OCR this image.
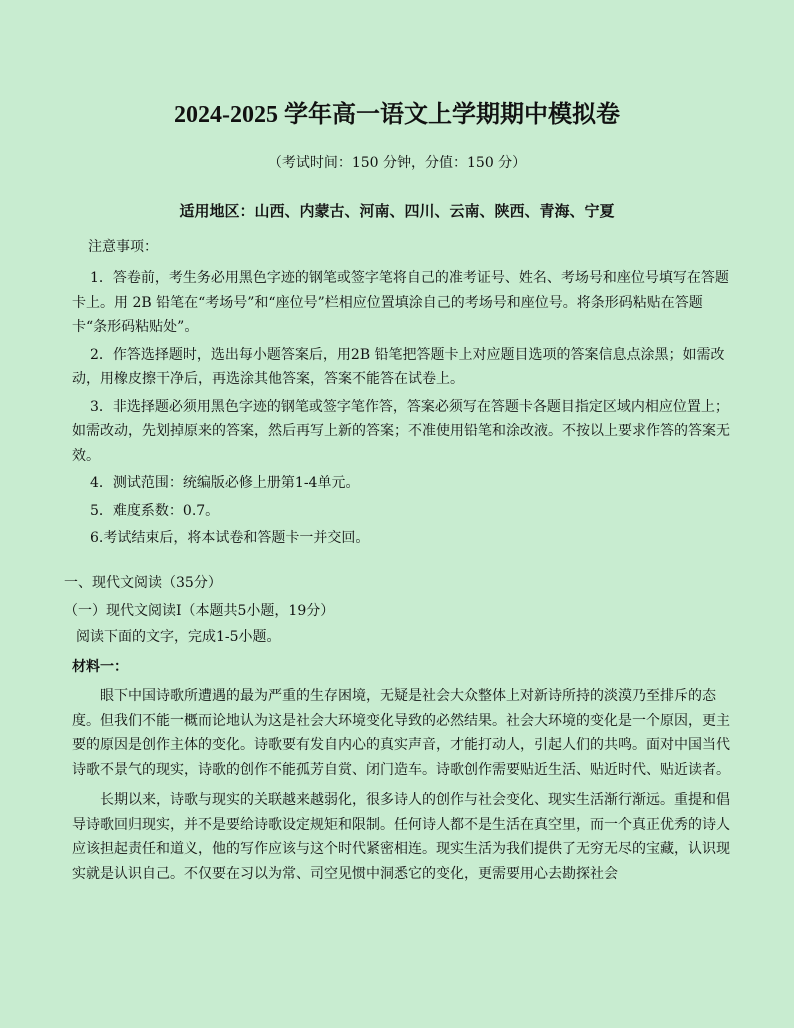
2024-2025 学年高一语文上学期期中模拟卷
（考试时间：150 分钟，分值：150 分）
适用地区：山西、内蒙古、河南、四川、云南、陕西、青海、宁夏
注意事项：

1．答卷前，考生务必用黑色字迹的钢笔或签字笔将自己的准考证号、姓名、考场号和座位号填写在答题卡上。用 2B 铅笔在“考场号”和“座位号”栏相应位置填涂自己的考场号和座位号。将条形码粘贴在答题卡“条形码粘贴处”。

2．作答选择题时，选出每小题答案后，用2B 铅笔把答题卡上对应题目选项的答案信息点涂黑；如需改动，用橡皮擦干净后，再选涂其他答案，答案不能答在试卷上。

3．非选择题必须用黑色字迹的钢笔或签字笔作答，答案必须写在答题卡各题目指定区域内相应位置上；如需改动，先划掉原来的答案，然后再写上新的答案；不准使用铅笔和涂改液。不按以上要求作答的答案无效。

4．测试范围：统编版必修上册第1-4单元。

5．难度系数：0.7。

6.考试结束后，将本试卷和答题卡一并交回。

一、现代文阅读（35分）
（一）现代文阅读Ⅰ（本题共5小题，19分）
阅读下面的文字，完成1-5小题。
材料一：

眼下中国诗歌所遭遇的最为严重的生存困境，无疑是社会大众整体上对新诗所持的淡漠乃至排斥的态度。但我们不能一概而论地认为这是社会大环境变化导致的必然结果。社会大环境的变化是一个原因，更主要的原因是创作主体的变化。诗歌要有发自内心的真实声音，才能打动人，引起人们的共鸣。面对中国当代诗歌不景气的现实，诗歌的创作不能孤芳自赏、闭门造车。诗歌创作需要贴近生活、贴近时代、贴近读者。

长期以来，诗歌与现实的关联越来越弱化，很多诗人的创作与社会变化、现实生活渐行渐远。重提和倡导诗歌回归现实，并不是要给诗歌设定规矩和限制。任何诗人都不是生活在真空里，而一个真正优秀的诗人应该担起责任和道义，他的写作应该与这个时代紧密相连。现实生活为我们提供了无穷无尽的宝藏，认识现实就是认识自己。不仅要在习以为常、司空见惯中洞悉它的变化，更需要用心去勘探社会
